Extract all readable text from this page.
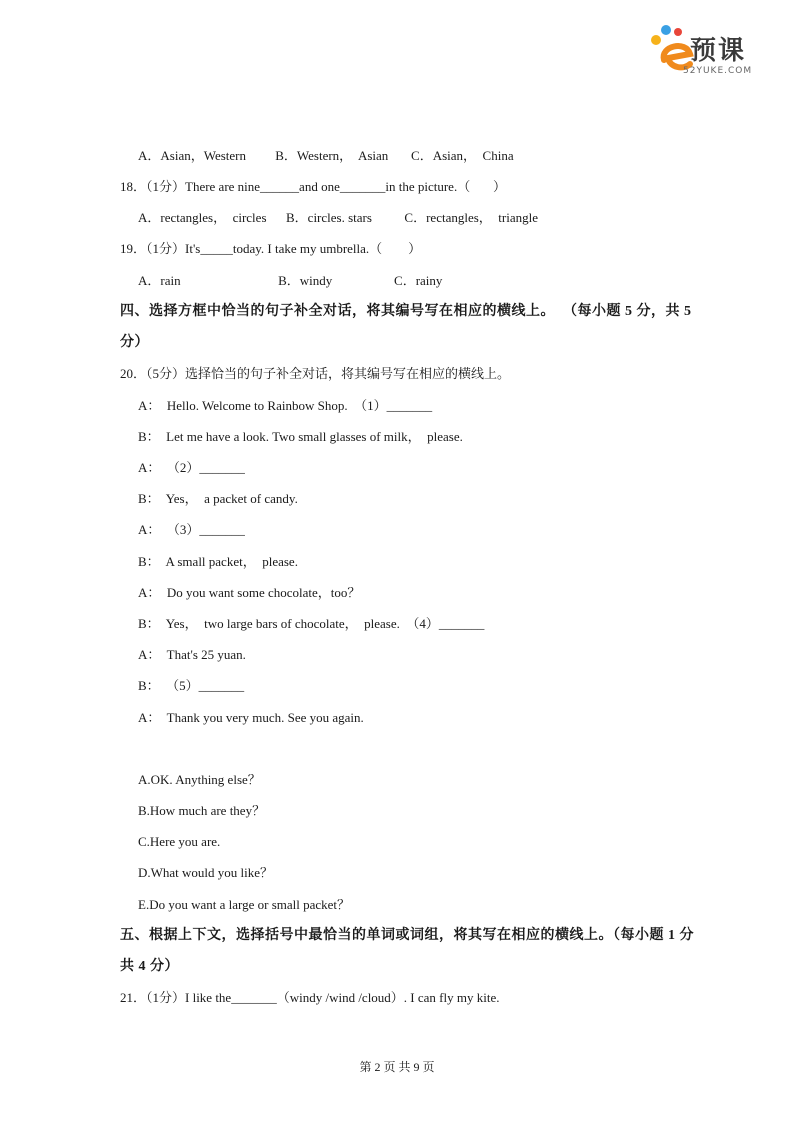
预课
52YUKE.COM
A．Asian，Western         B．Western，  Asian       C．Asian，  China
18．（1分）There are nine______and one_______in the picture.（       ）
A．rectangles，  circles      B．circles. stars          C．rectangles，  triangle
19．（1分）It's_____today. I take my umbrella.（        ）
A．rain                              B．windy                   C．rainy
四、选择方框中恰当的句子补全对话，将其编号写在相应的横线上。  （每小题 5 分，共 5
分）
20．（5分）选择恰当的句子补全对话，将其编号写在相应的横线上。
A：  Hello. Welcome to Rainbow Shop.  （1）_______
B：  Let me have a look. Two small glasses of milk，  please.
A：  （2）_______
B：  Yes，  a packet of candy.
A：  （3）_______
B：  A small packet，  please.
A：  Do you want some chocolate，too？
B：  Yes，  two large bars of chocolate，  please.  （4）_______
A：  That's 25 yuan.
B：  （5）_______
A：  Thank you very much. See you again.
A.OK. Anything else？
B.How much are they？
C.Here you are.
D.What would you like？
E.Do you want a large or small packet？
五、根据上下文，选择括号中最恰当的单词或词组，将其写在相应的横线上。（每小题 1 分
共 4 分）
21．（1分）I like the_______（windy /wind /cloud）. I can fly my kite.
第 2 页 共 9 页
